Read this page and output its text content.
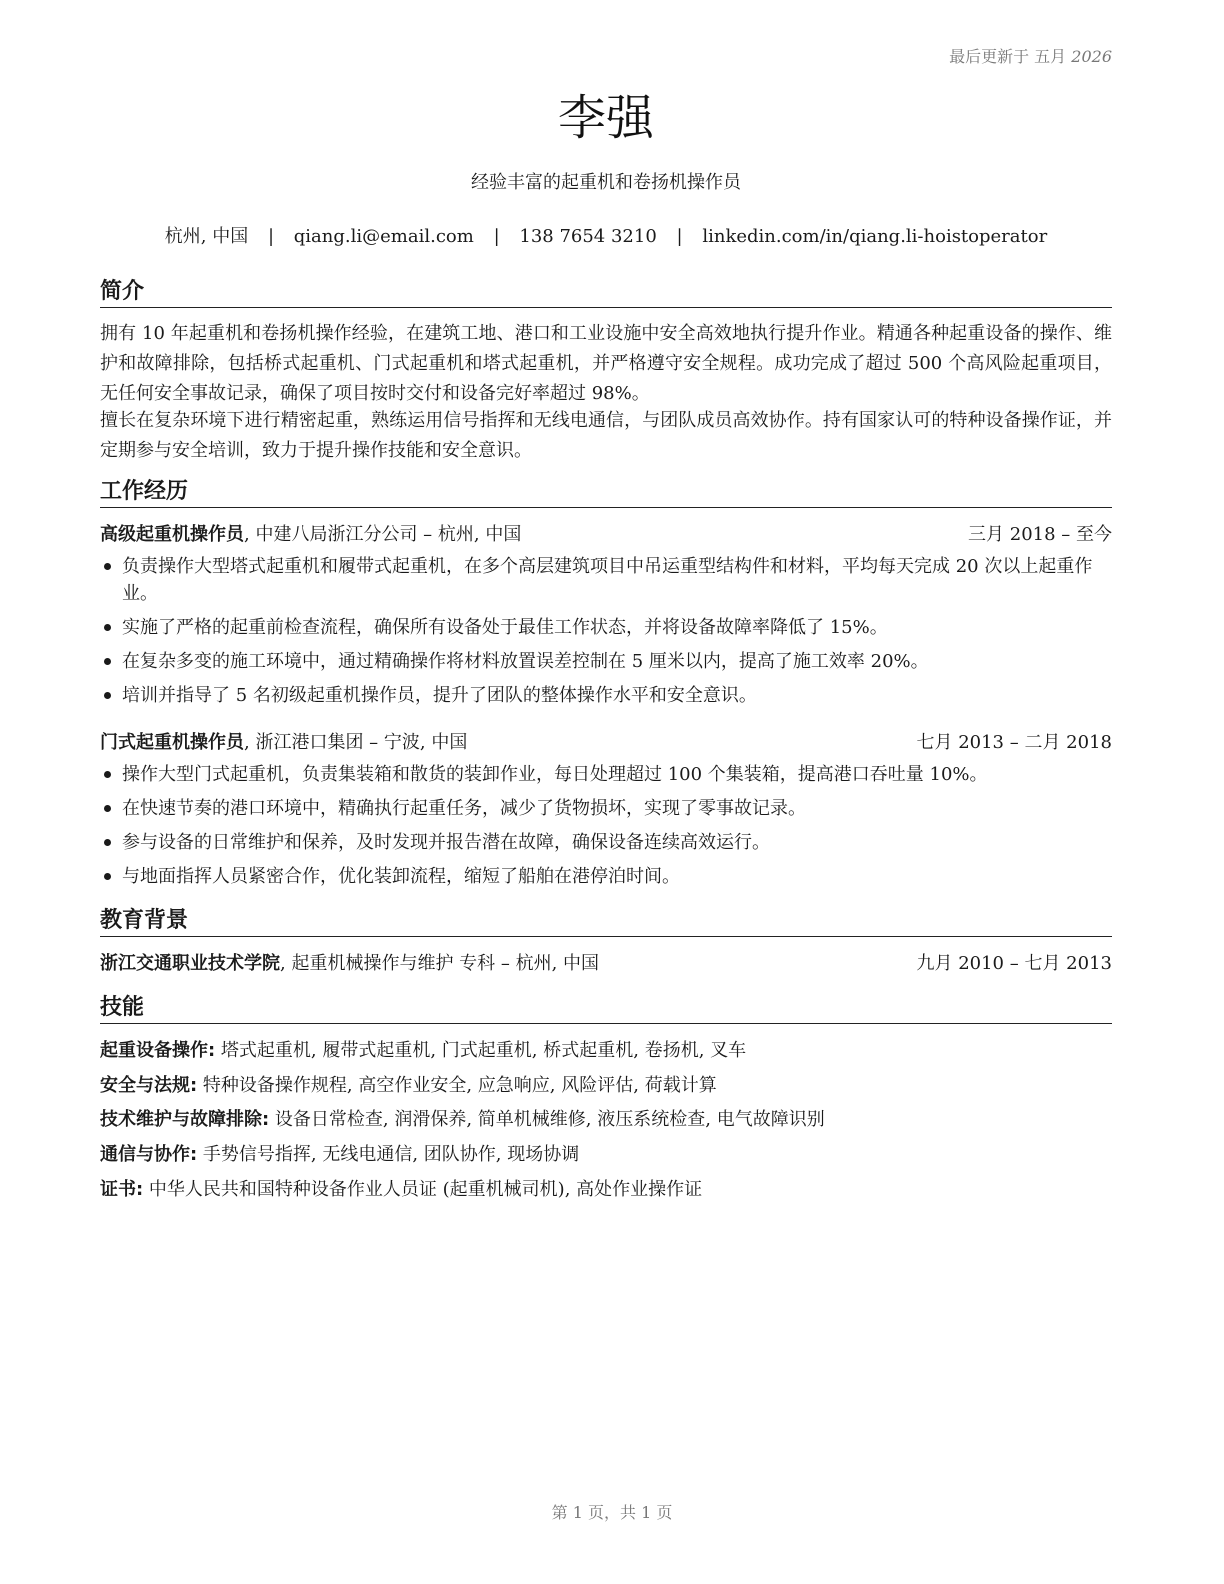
最后更新于 五月 2026
李强
经验丰富的起重机和卷扬机操作员
杭州, 中国 | qiang.li@email.com | 138 7654 3210 | linkedin.com/in/qiang.li-hoistoperator
简介

拥有 10 年起重机和卷扬机操作经验，在建筑工地、港口和工业设施中安全高效地执行提升作业。精通各种起重设备的操作、维护和故障排除，包括桥式起重机、门式起重机和塔式起重机，并严格遵守安全规程。成功完成了超过 500 个高风险起重项目，无任何安全事故记录，确保了项目按时交付和设备完好率超过 98%。

擅长在复杂环境下进行精密起重，熟练运用信号指挥和无线电通信，与团队成员高效协作。持有国家认可的特种设备操作证，并定期参与安全培训，致力于提升操作技能和安全意识。

工作经历
高级起重机操作员, 中建八局浙江分公司 – 杭州, 中国	三月 2018 – 至今
负责操作大型塔式起重机和履带式起重机，在多个高层建筑项目中吊运重型结构件和材料，平均每天完成 20 次以上起重作业。
实施了严格的起重前检查流程，确保所有设备处于最佳工作状态，并将设备故障率降低了 15%。
在复杂多变的施工环境中，通过精确操作将材料放置误差控制在 5 厘米以内，提高了施工效率 20%。
培训并指导了 5 名初级起重机操作员，提升了团队的整体操作水平和安全意识。
门式起重机操作员, 浙江港口集团 – 宁波, 中国	七月 2013 – 二月 2018
操作大型门式起重机，负责集装箱和散货的装卸作业，每日处理超过 100 个集装箱，提高港口吞吐量 10%。
在快速节奏的港口环境中，精确执行起重任务，减少了货物损坏，实现了零事故记录。
参与设备的日常维护和保养，及时发现并报告潜在故障，确保设备连续高效运行。
与地面指挥人员紧密合作，优化装卸流程，缩短了船舶在港停泊时间。
教育背景
浙江交通职业技术学院, 起重机械操作与维护 专科 – 杭州, 中国	九月 2010 – 七月 2013
技能
起重设备操作: 塔式起重机, 履带式起重机, 门式起重机, 桥式起重机, 卷扬机, 叉车
安全与法规: 特种设备操作规程, 高空作业安全, 应急响应, 风险评估, 荷载计算
技术维护与故障排除: 设备日常检查, 润滑保养, 简单机械维修, 液压系统检查, 电气故障识别
通信与协作: 手势信号指挥, 无线电通信, 团队协作, 现场协调
证书: 中华人民共和国特种设备作业人员证 (起重机械司机), 高处作业操作证
第 1 页，共 1 页
